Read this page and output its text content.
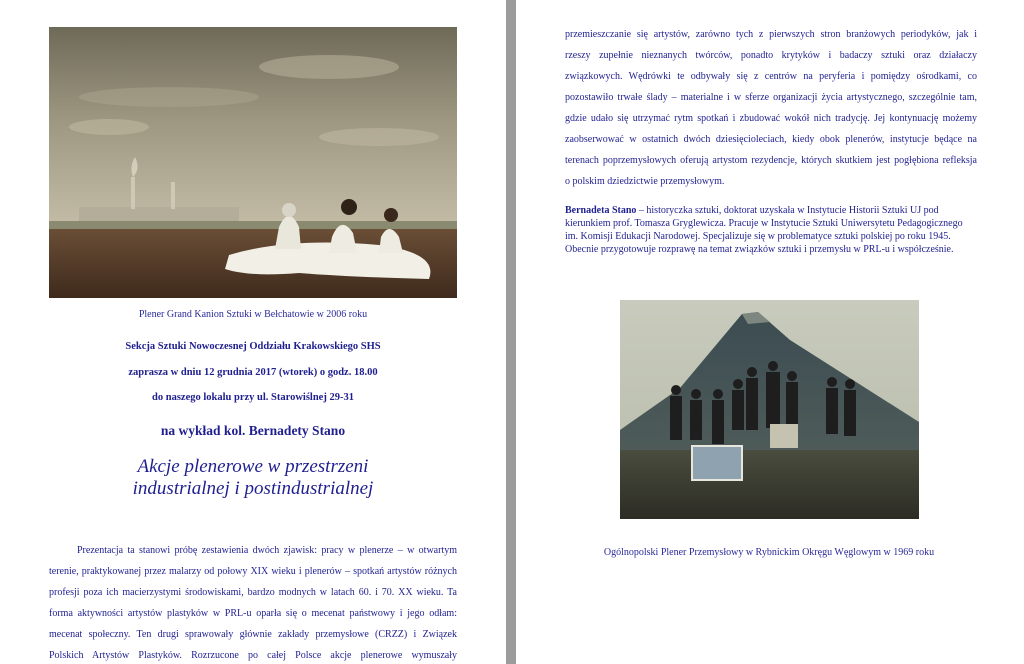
Plener Grand Kanion Sztuki w Bełchatowie w 2006 roku
Sekcja Sztuki Nowoczesnej Oddziału Krakowskiego SHS
zaprasza w dniu 12 grudnia 2017 (wtorek) o godz. 18.00
do naszego lokalu przy ul. Starowiślnej 29-31
na wykład kol. Bernadety Stano
Akcje plenerowe w przestrzeni
industrialnej i postindustrialnej
Prezentacja ta stanowi próbę zestawienia dwóch zjawisk: pracy w plenerze – w otwartym
terenie, praktykowanej przez malarzy od połowy XIX wieku i plenerów – spotkań artystów różnych
profesji poza ich macierzystymi środowiskami, bardzo modnych w latach 60. i 70. XX wieku. Ta
forma aktywności artystów plastyków w PRL-u oparła się o mecenat państwowy i jego odłam:
mecenat społeczny. Ten drugi sprawowały głównie zakłady przemysłowe (CRZZ) i Związek
Polskich Artystów Plastyków. Rozrzucone po całej Polsce akcje plenerowe wymuszały
przemieszczanie się artystów, zarówno tych z pierwszych stron branżowych periodyków, jak i
rzeszy zupełnie nieznanych twórców, ponadto krytyków i badaczy sztuki oraz działaczy
związkowych. Wędrówki te odbywały się z centrów na peryferia i pomiędzy ośrodkami, co
pozostawiło trwałe ślady – materialne i w sferze organizacji życia artystycznego, szczególnie tam,
gdzie udało się utrzymać rytm spotkań i zbudować wokół nich tradycję. Jej kontynuację możemy
zaobserwować w ostatnich dwóch dziesięcioleciach, kiedy obok plenerów, instytucje będące na
terenach poprzemysłowych oferują artystom rezydencje, których skutkiem jest pogłębiona refleksja
o polskim dziedzictwie przemysłowym.
Bernadeta Stano – historyczka sztuki, doktorat uzyskała w Instytucie Historii Sztuki UJ pod
kierunkiem prof. Tomasza Gryglewicza. Pracuje w Instytucie Sztuki Uniwersytetu Pedagogicznego
im. Komisji Edukacji Narodowej. Specjalizuje się w problematyce sztuki polskiej po roku 1945.
Obecnie przygotowuje rozprawę na temat związków sztuki i przemysłu w PRL-u i współcześnie.
Ogólnopolski Plener Przemysłowy w Rybnickim Okręgu Węglowym w 1969 roku
